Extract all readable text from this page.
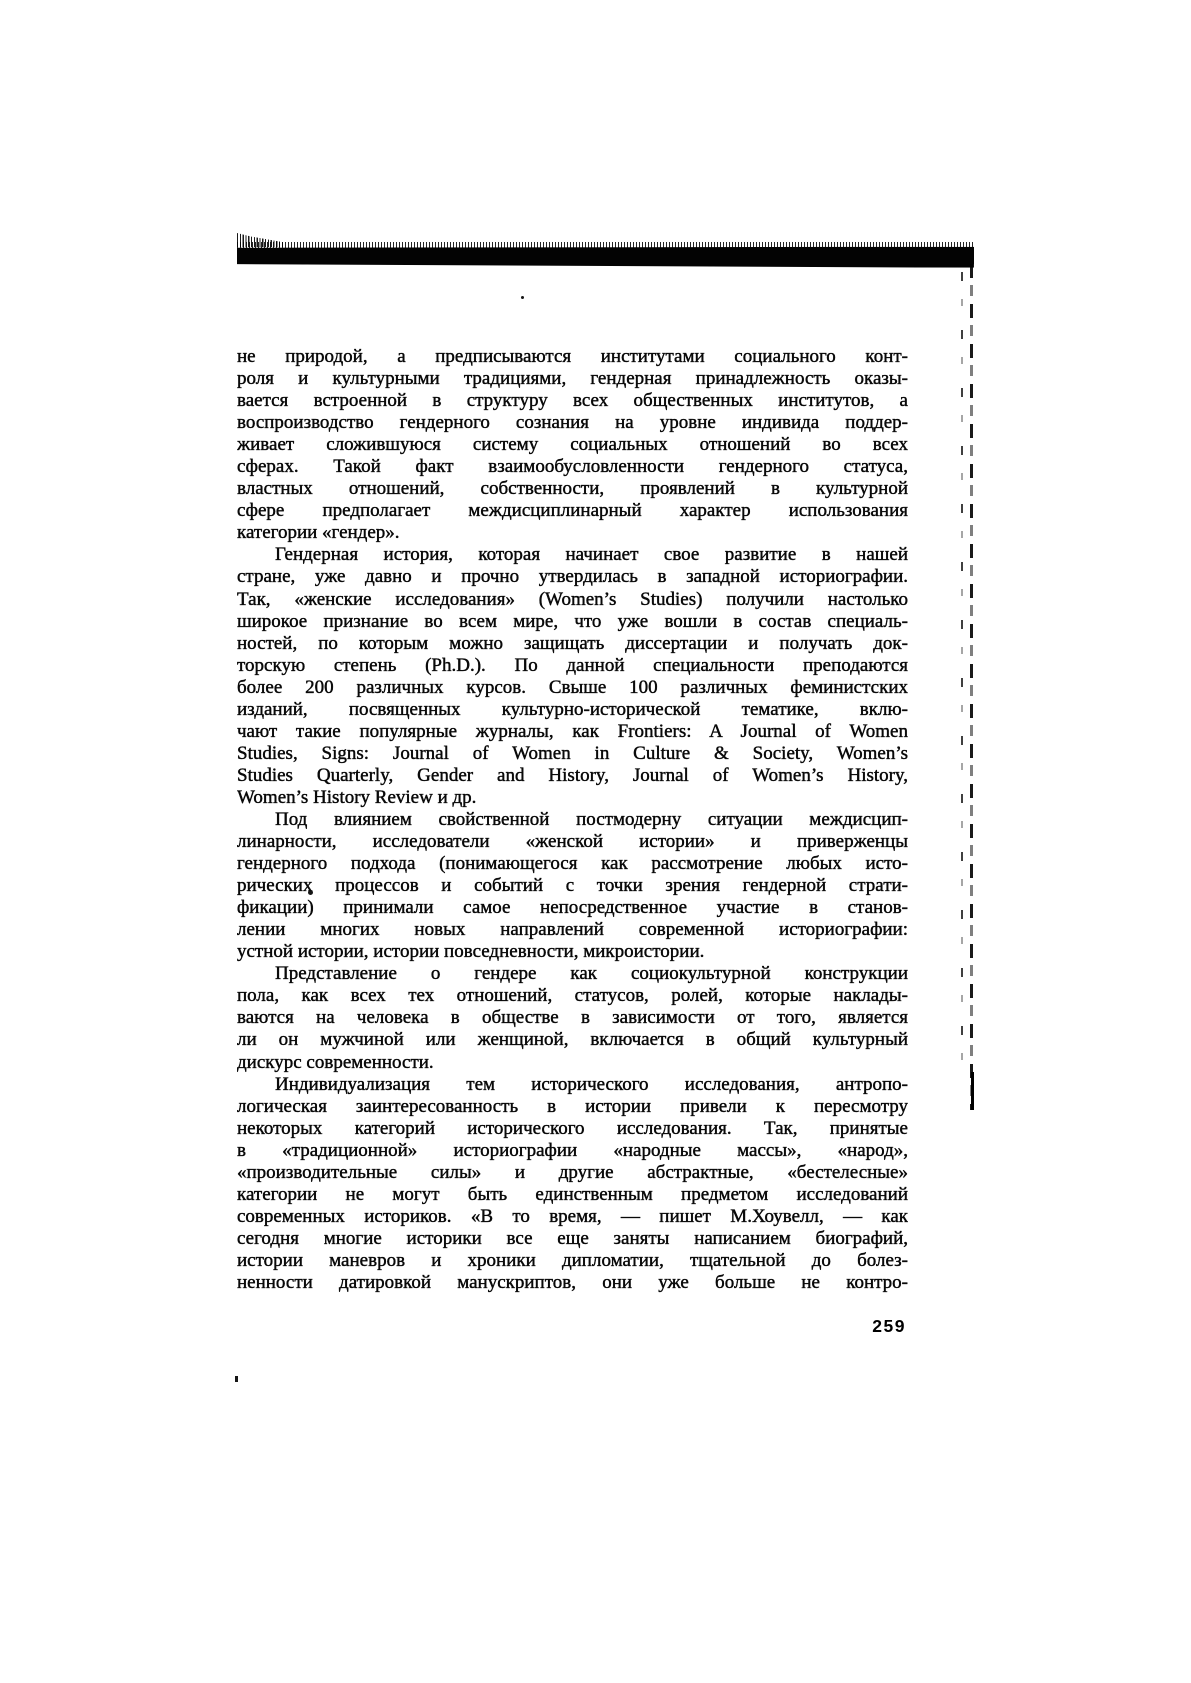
не природой, а предписываются институтами социального конт-
роля и культурными традициями, гендерная принадлежность оказы-
вается встроенной в структуру всех общественных институтов, а
воспроизводство гендерного сознания на уровне индивида поддер-
живает сложившуюся систему социальных отношений во всех
сферах. Такой факт взаимообусловленности гендерного статуса,
властных отношений, собственности, проявлений в культурной
сфере предполагает междисциплинарный характер использования
категории «гендер».
Гендерная история, которая начинает свое развитие в нашей
стране, уже давно и прочно утвердилась в западной историографии.
Так, «женские исследования» (Women’s Studies) получили настолько
широкое признание во всем мире, что уже вошли в состав специаль-
ностей, по которым можно защищать диссертации и получать док-
торскую степень (Ph.D.). По данной специальности преподаются
более 200 различных курсов. Свыше 100 различных феминистских
изданий, посвященных культурно-исторической тематике, вклю-
чают такие популярные журналы, как Frontiers: A Journal of Women
Studies, Signs: Journal of Women in Culture & Society, Women’s
Studies Quarterly, Gender and History, Journal of Women’s History,
Women’s History Review и др.
Под влиянием свойственной постмодерну ситуации междисцип-
линарности, исследователи «женской истории» и приверженцы
гендерного подхода (понимающегося как рассмотрение любых исто-
рических процессов и событий с точки зрения гендерной страти-
фикации) принимали самое непосредственное участие в станов-
лении многих новых направлений современной историографии:
устной истории, истории повседневности, микроистории.
Представление о гендере как социокультурной конструкции
пола, как всех тех отношений, статусов, ролей, которые наклады-
ваются на человека в обществе в зависимости от того, является
ли он мужчиной или женщиной, включается в общий культурный
дискурс современности.
Индивидуализация тем исторического исследования, антропо-
логическая заинтересованность в истории привели к пересмотру
некоторых категорий исторического исследования. Так, принятые
в «традиционной» историографии «народные массы», «народ»,
«производительные силы» и другие абстрактные, «бестелесные»
категории не могут быть единственным предметом исследований
современных историков. «В то время, — пишет М.Хоувелл, — как
сегодня многие историки все еще заняты написанием биографий,
истории маневров и хроники дипломатии, тщательной до болез-
ненности датировкой манускриптов, они уже больше не контро-
259
